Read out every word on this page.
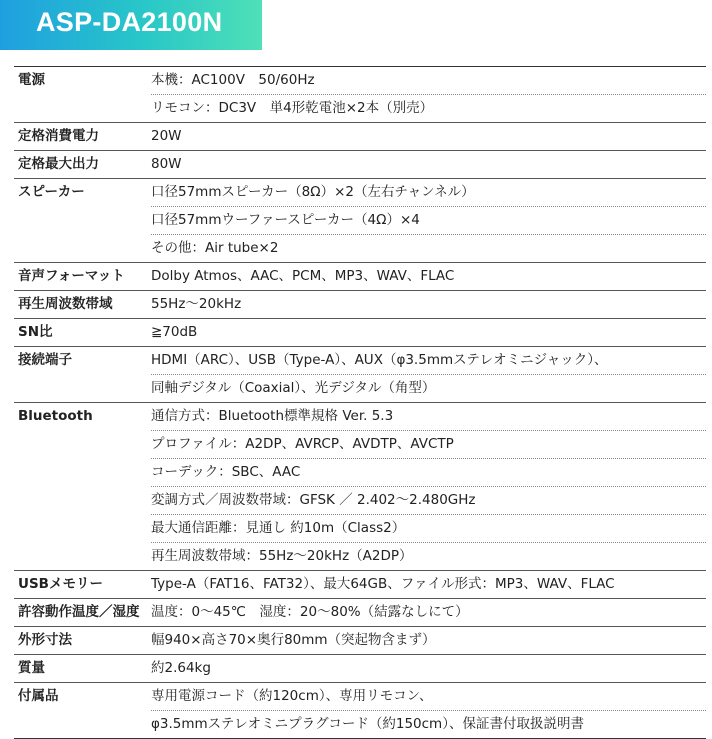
ASP-DA2100N
電源	本機：AC100V　50/60Hz
リモコン：DC3V　単4形乾電池×2本（別売）
定格消費電力	20W
定格最大出力	80W
スピーカー	口径57mmスピーカー（8Ω）×2（左右チャンネル）
口径57mmウーファースピーカー（4Ω）×4
その他：Air tube×2
音声フォーマット	Dolby Atmos、AAC、PCM、MP3、WAV、FLAC
再生周波数帯域	55Hz〜20kHz
SN比	≧70dB
接続端子	HDMI（ARC）、USB（Type-A）、AUX（φ3.5mmステレオミニジャック）、
同軸デジタル（Coaxial）、光デジタル（角型）
Bluetooth	通信方式：Bluetooth標準規格 Ver. 5.3
プロファイル：A2DP、AVRCP、AVDTP、AVCTP
コーデック：SBC、AAC
変調方式／周波数帯域：GFSK ／ 2.402〜2.480GHz
最大通信距離：見通し 約10m（Class2）
再生周波数帯域：55Hz〜20kHz（A2DP）
USBメモリー	Type-A（FAT16、FAT32）、最大64GB、ファイル形式：MP3、WAV、FLAC
許容動作温度／湿度 温度：0〜45℃　湿度：20〜80%（結露なしにて）
外形寸法	幅940×高さ70×奥行80mm（突起物含まず）
質量	約2.64kg
付属品	専用電源コード（約120cm）、専用リモコン、
φ3.5mmステレオミニプラグコード（約150cm）、保証書付取扱説明書
